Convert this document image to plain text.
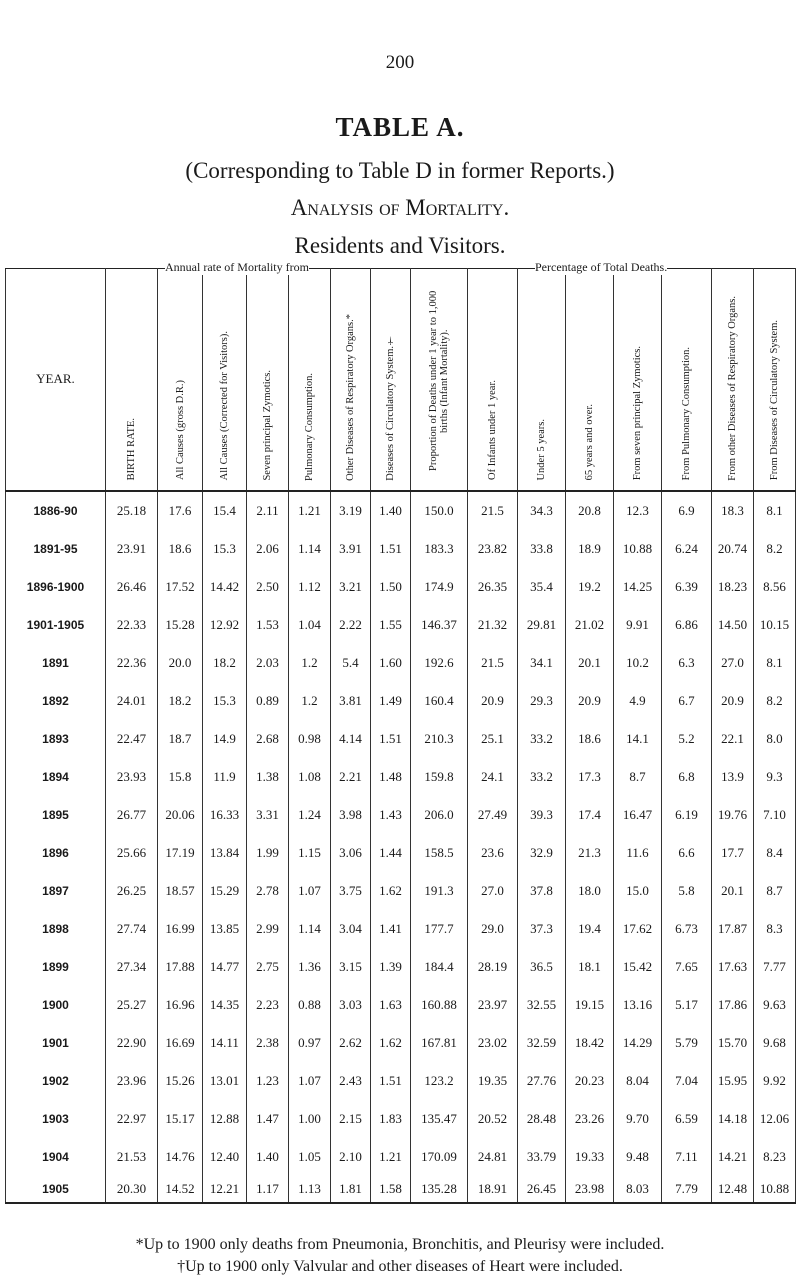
200
TABLE A.
(Corresponding to Table D in former Reports.)
Analysis of Mortality.
Residents and Visitors.
Annual rate of Mortality from	Percentage of Total Deaths.
YEAR.	BIRTH RATE.	All Causes (gross D.R.)	All Causes (Corrected for Visitors).	Seven principal Zymotics.	Pulmonary Consumption.	Other Diseases of Respiratory Organs.*	Diseases of Circulatory System.†	Proportion of Deaths under 1 year to 1,000 births (Infant Mortality).	Of Infants under 1 year.	Under 5 years.	65 years and over.	From seven principal Zymotics.	From Pulmonary Consumption.	From other Diseases of Respiratory Organs.	From Diseases of Circulatory System.
1886-90	25.18	17.6	15.4	2.11	1.21	3.19	1.40	150.0	21.5	34.3	20.8	12.3	6.9	18.3	8.1
1891-95	23.91	18.6	15.3	2.06	1.14	3.91	1.51	183.3	23.82	33.8	18.9	10.88	6.24	20.74	8.2
1896-1900	26.46	17.52	14.42	2.50	1.12	3.21	1.50	174.9	26.35	35.4	19.2	14.25	6.39	18.23	8.56
1901-1905	22.33	15.28	12.92	1.53	1.04	2.22	1.55	146.37	21.32	29.81	21.02	9.91	6.86	14.50	10.15
1891	22.36	20.0	18.2	2.03	1.2	5.4	1.60	192.6	21.5	34.1	20.1	10.2	6.3	27.0	8.1
1892	24.01	18.2	15.3	0.89	1.2	3.81	1.49	160.4	20.9	29.3	20.9	4.9	6.7	20.9	8.2
1893	22.47	18.7	14.9	2.68	0.98	4.14	1.51	210.3	25.1	33.2	18.6	14.1	5.2	22.1	8.0
1894	23.93	15.8	11.9	1.38	1.08	2.21	1.48	159.8	24.1	33.2	17.3	8.7	6.8	13.9	9.3
1895	26.77	20.06	16.33	3.31	1.24	3.98	1.43	206.0	27.49	39.3	17.4	16.47	6.19	19.76	7.10
1896	25.66	17.19	13.84	1.99	1.15	3.06	1.44	158.5	23.6	32.9	21.3	11.6	6.6	17.7	8.4
1897	26.25	18.57	15.29	2.78	1.07	3.75	1.62	191.3	27.0	37.8	18.0	15.0	5.8	20.1	8.7
1898	27.74	16.99	13.85	2.99	1.14	3.04	1.41	177.7	29.0	37.3	19.4	17.62	6.73	17.87	8.3
1899	27.34	17.88	14.77	2.75	1.36	3.15	1.39	184.4	28.19	36.5	18.1	15.42	7.65	17.63	7.77
1900	25.27	16.96	14.35	2.23	0.88	3.03	1.63	160.88	23.97	32.55	19.15	13.16	5.17	17.86	9.63
1901	22.90	16.69	14.11	2.38	0.97	2.62	1.62	167.81	23.02	32.59	18.42	14.29	5.79	15.70	9.68
1902	23.96	15.26	13.01	1.23	1.07	2.43	1.51	123.2	19.35	27.76	20.23	8.04	7.04	15.95	9.92
1903	22.97	15.17	12.88	1.47	1.00	2.15	1.83	135.47	20.52	28.48	23.26	9.70	6.59	14.18	12.06
1904	21.53	14.76	12.40	1.40	1.05	2.10	1.21	170.09	24.81	33.79	19.33	9.48	7.11	14.21	8.23
1905	20.30	14.52	12.21	1.17	1.13	1.81	1.58	135.28	18.91	26.45	23.98	8.03	7.79	12.48	10.88
*Up to 1900 only deaths from Pneumonia, Bronchitis, and Pleurisy were included.
†Up to 1900 only Valvular and other diseases of Heart were included.
